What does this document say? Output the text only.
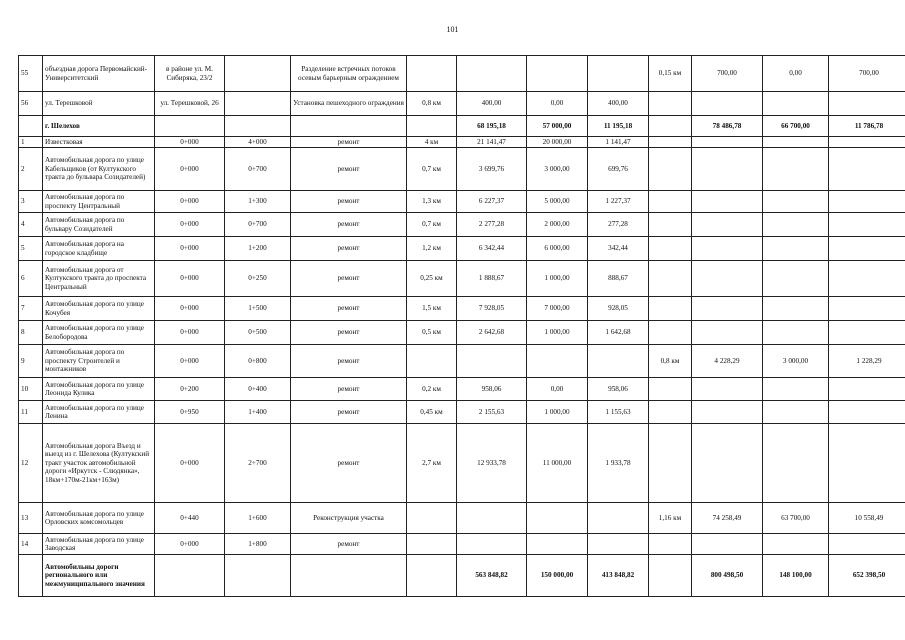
101
55	объездная дорога Первомайский-Университетский	в районе ул. М. Сибиряка, 23/2		Разделение встречных потоков осевым барьерным ограждением					0,15 км	700,00	0,00	700,00
56	ул. Терешковой	ул. Терешковой, 26		Установка пешеходного ограждения	0,8 км	400,00	0,00	400,00				
	г. Шелехов					68 195,18	57 000,00	11 195,18		78 486,78	66 700,00	11 786,78
1	Известковая	0+000	4+000	ремонт	4 км	21 141,47	20 000,00	1 141,47				
2	Автомобильная дорога по улице Кабельщиков (от Култукского тракта до бульвара Созидателей)	0+000	0+700	ремонт	0,7 км	3 699,76	3 000,00	699,76				
3	Автомобильная дорога по проспекту Центральный	0+000	1+300	ремонт	1,3 км	6 227,37	5 000,00	1 227,37				
4	Автомобильная дорога по бульвару Созидателей	0+000	0+700	ремонт	0,7 км	2 277,28	2 000,00	277,28				
5	Автомобильная дорога на городское кладбище	0+000	1+200	ремонт	1,2 км	6 342,44	6 000,00	342,44				
6	Автомобильная дорога от Култукского тракта до проспекта Центральный	0+000	0+250	ремонт	0,25 км	1 888,67	1 000,00	888,67				
7	Автомобильная дорога по улице Кочубея	0+000	1+500	ремонт	1,5 км	7 928,05	7 000,00	928,05				
8	Автомобильная дорога по улице Белобородова	0+000	0+500	ремонт	0,5 км	2 642,68	1 000,00	1 642,68				
9	Автомобильная дорога по проспекту Строителей и монтажников	0+000	0+800	ремонт					0,8 км	4 228,29	3 000,00	1 228,29
10	Автомобильная дорога по улице Леонида Кулика	0+200	0+400	ремонт	0,2 км	958,06	0,00	958,06				
11	Автомобильная дорога по улице Ленина	0+950	1+400	ремонт	0,45 км	2 155,63	1 000,00	1 155,63				
12	Автомобильная дорога Въезд и выезд из г. Шелехова (Култукский тракт участок автомобильной дороги «Иркутск - Слюдянка», 18км+170м-21км+163м)	0+000	2+700	ремонт	2,7 км	12 933,78	11 000,00	1 933,78				
13	Автомобильная дорога по улице Орловских комсомольцев	0+440	1+600	Реконструкция участка					1,16 км	74 258,49	63 700,00	10 558,49
14	Автомобильная дорога по улице Заводская	0+000	1+800	ремонт								
	Автомобильны дороги регионального или межмуниципального значения					563 848,82	150 000,00	413 848,82		800 498,50	148 100,00	652 398,50
